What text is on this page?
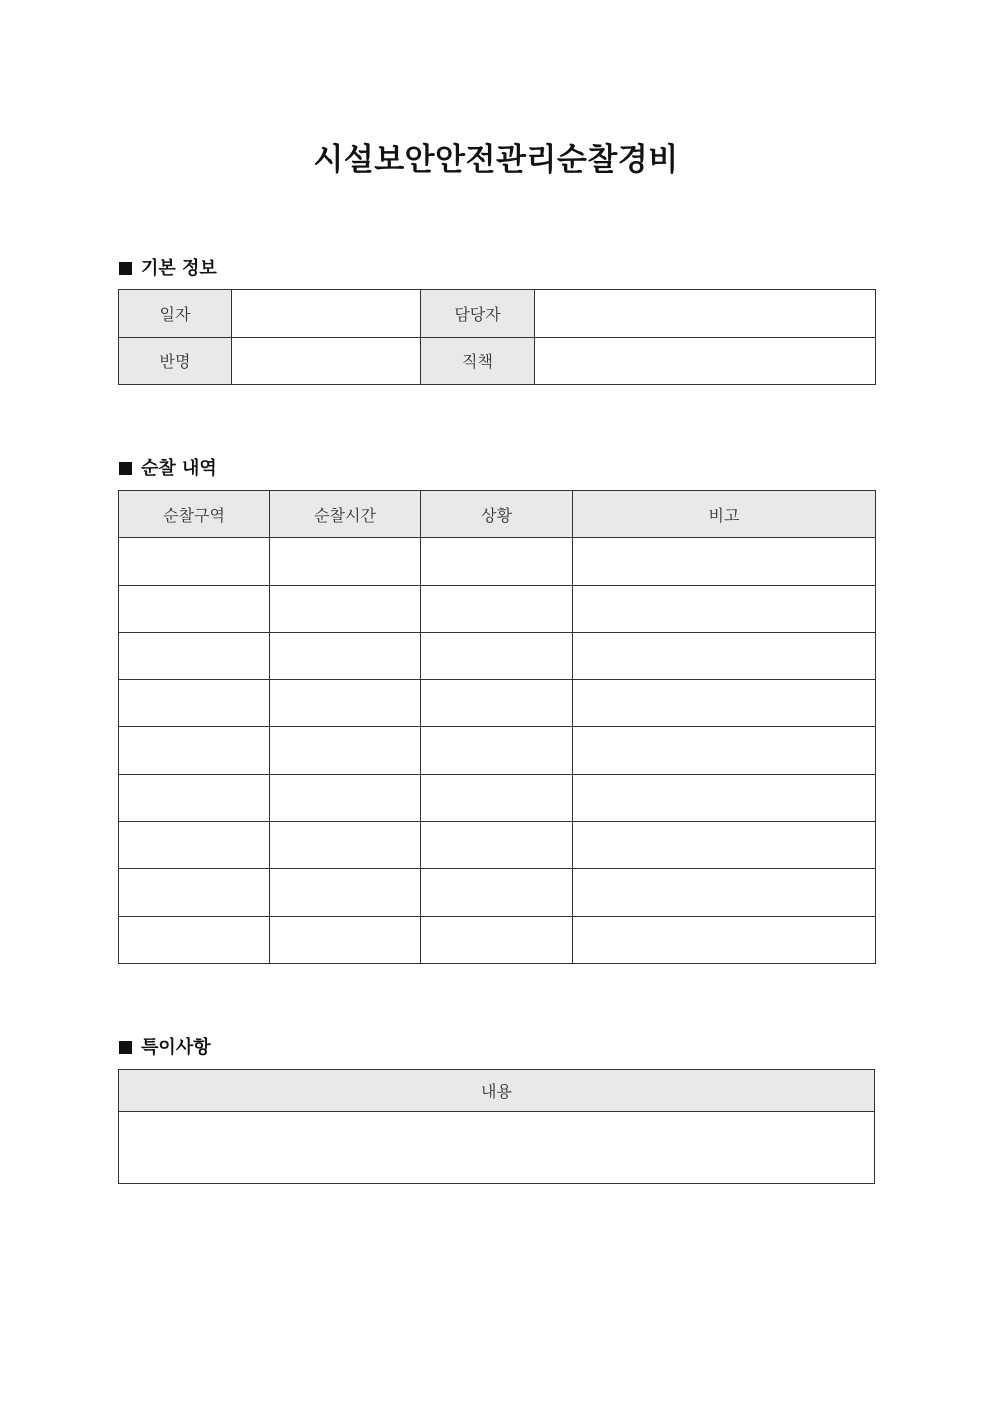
시설보안안전관리순찰경비
기본 정보
일자		담당자	
반명		직책	
순찰 내역
순찰구역	순찰시간	상황	비고

특이사항
내용
